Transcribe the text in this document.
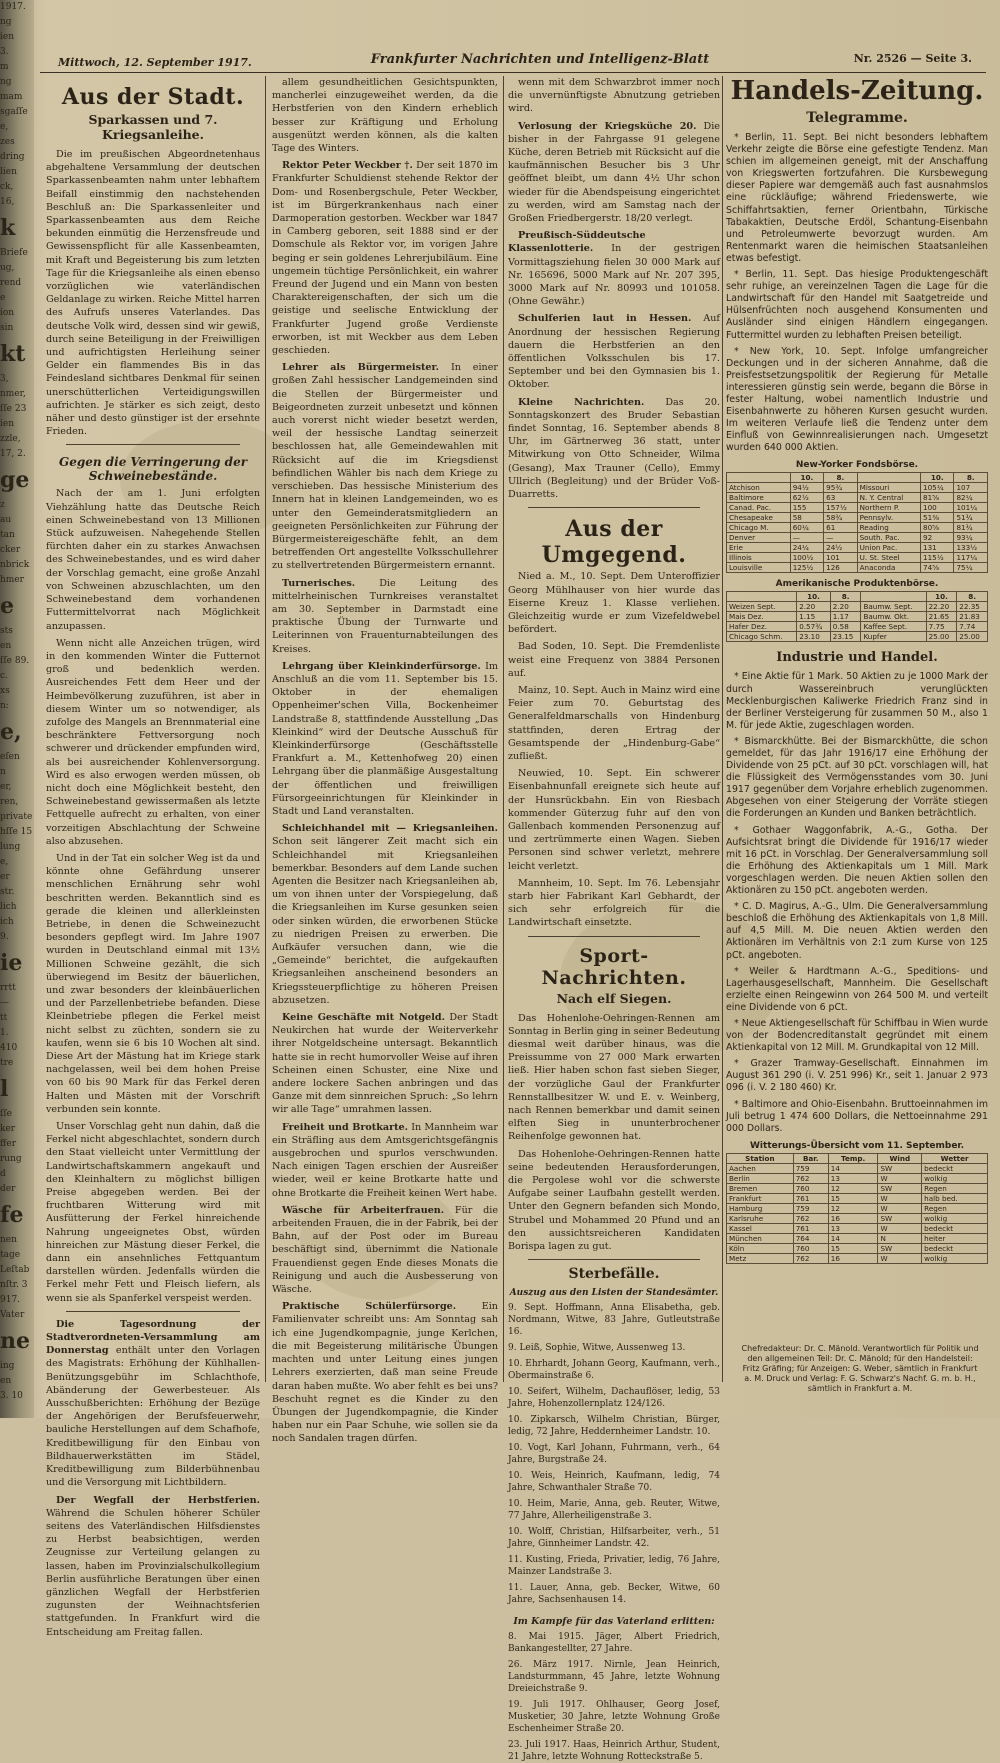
1917.
ng
ien
3.
m
ng
mam
sgaſſe
e,
zes
dring
lien
ck,
16,
k
Briefe
ug,
rend
e
ion
sin
kt
3,
nmer,
ſſe 23
ien
zzle,
17, 2.
ge
z
au
tan
cker
nbrick
hmer
e
sts
en
ſſe 89.
c.
xs
n:
e,
eſen
n
er,
ren,
private
hſſe 15
lung
e,
er
str.
lich
ich
9.
ie
rrtt
—
tt
1.
410
tre
l
ſſe
ker
ffer
rung
d
der
fe
nen
tage
Leſtab
nſtr. 3
917.
Vater
ne
ing
en
3. 10
Mittwoch, 12. September 1917.	Frankfurter Nachrichten und Intelligenz-Blatt	Nr. 2526 — Seite 3.
Aus der Stadt.
Sparkassen und 7. Kriegsanleihe.

Die im preußischen Abgeordnetenhaus abgehaltene Versammlung der deutschen Sparkassenbeamten nahm unter lebhaftem Beifall einstimmig den nachstehenden Beschluß an: Die Sparkassenleiter und Sparkassenbeamten aus dem Reiche bekunden einmütig die Herzensfreude und Gewissenspflicht für alle Kassenbeamten, mit Kraft und Begeisterung bis zum letzten Tage für die Kriegsanleihe als einen ebenso vorzüglichen wie vaterländischen Geldanlage zu wirken. Reiche Mittel harren des Aufrufs unseres Vaterlandes. Das deutsche Volk wird, dessen sind wir gewiß, durch seine Beteiligung in der Freiwilligen und aufrichtigsten Herleihung seiner Gelder ein flammendes Bis in das Feindesland sichtbares Denkmal für seinen unerschütterlichen Verteidigungswillen aufrichten. Je stärker es sich zeigt, desto näher und desto günstiger ist der ersehnte Frieden.

Gegen die Verringerung der Schweinebestände.

Nach der am 1. Juni erfolgten Viehzählung hatte das Deutsche Reich einen Schweinebestand von 13 Millionen Stück aufzuweisen. Nahegehende Stellen fürchten daher ein zu starkes Anwachsen des Schweinebestandes, und es wird daher der Vorschlag gemacht, eine große Anzahl von Schweinen abzuschlachten, um den Schweinebestand dem vorhandenen Futtermittelvorrat nach Möglichkeit anzupassen.

Wenn nicht alle Anzeichen trügen, wird in den kommenden Winter die Futternot groß und bedenklich werden. Ausreichendes Fett dem Heer und der Heimbevölkerung zuzuführen, ist aber in diesem Winter um so notwendiger, als zufolge des Mangels an Brennmaterial eine beschränktere Fettversorgung noch schwerer und drückender empfunden wird, als bei ausreichender Kohlenversorgung. Wird es also erwogen werden müssen, ob nicht doch eine Möglichkeit besteht, den Schweinebestand gewissermaßen als letzte Fettquelle aufrecht zu erhalten, von einer vorzeitigen Abschlachtung der Schweine also abzusehen.

Und in der Tat ein solcher Weg ist da und könnte ohne Gefährdung unserer menschlichen Ernährung sehr wohl beschritten werden. Bekanntlich sind es gerade die kleinen und allerkleinsten Betriebe, in denen die Schweinezucht besonders gepflegt wird. Im Jahre 1907 wurden in Deutschland einmal mit 13½ Millionen Schweine gezählt, die sich überwiegend im Besitz der bäuerlichen, und zwar besonders der kleinbäuerlichen und der Parzellenbetriebe befanden. Diese Kleinbetriebe pflegen die Ferkel meist nicht selbst zu züchten, sondern sie zu kaufen, wenn sie 6 bis 10 Wochen alt sind. Diese Art der Mästung hat im Kriege stark nachgelassen, weil bei dem hohen Preise von 60 bis 90 Mark für das Ferkel deren Halten und Mästen mit der Vorschrift verbunden sein konnte.

Unser Vorschlag geht nun dahin, daß die Ferkel nicht abgeschlachtet, sondern durch den Staat vielleicht unter Vermittlung der Landwirtschaftskammern angekauft und den Kleinhaltern zu möglichst billigen Preise abgegeben werden. Bei der fruchtbaren Witterung wird mit Ausfütterung der Ferkel hinreichende Nahrung ungeeignetes Obst, würden hinreichen zur Mästung dieser Ferkel, die dann ein ansehnliches Fettquantum darstellen würden. Jedenfalls würden die Ferkel mehr Fett und Fleisch liefern, als wenn sie als Spanferkel verspeist werden.

Die Tagesordnung der Stadtverordneten-Versammlung am Donnerstag enthält unter den Vorlagen des Magistrats: Erhöhung der Kühlhallen-Benützungsgebühr im Schlachthofe, Abänderung der Gewerbesteuer. Als Ausschußberichten: Erhöhung der Bezüge der Angehörigen der Berufsfeuerwehr, bauliche Herstellungen auf dem Schafhofe, Kreditbewilligung für den Einbau von Bildhauerwerkstätten im Städel, Kreditbewilligung zum Bilderbühnenbau und die Versorgung mit Lichtbildern.

Der Wegfall der Herbstferien. Während die Schulen höherer Schüler seitens des Vaterländischen Hilfsdienstes zu Herbst beabsichtigen, werden Zeugnisse zur Verteilung gelangen zu lassen, haben im Provinzialschulkollegium Berlin ausführliche Beratungen über einen gänzlichen Wegfall der Herbstferien zugunsten der Weihnachtsferien stattgefunden. In Frankfurt wird die Entscheidung am Freitag fallen.

allem gesundheitlichen Gesichtspunkten, mancherlei einzugeweihet werden, da die Herbstferien von den Kindern erheblich besser zur Kräftigung und Erholung ausgenützt werden können, als die kalten Tage des Winters.

Rektor Peter Weckber †. Der seit 1870 im Frankfurter Schuldienst stehende Rektor der Dom- und Rosenbergschule, Peter Weckber, ist im Bürgerkrankenhaus nach einer Darmoperation gestorben. Weckber war 1847 in Camberg geboren, seit 1888 sind er der Domschule als Rektor vor, im vorigen Jahre beging er sein goldenes Lehrerjubiläum. Eine ungemein tüchtige Persönlichkeit, ein wahrer Freund der Jugend und ein Mann von besten Charaktereigenschaften, der sich um die geistige und seelische Entwicklung der Frankfurter Jugend große Verdienste erworben, ist mit Weckber aus dem Leben geschieden.

Lehrer als Bürgermeister. In einer großen Zahl hessischer Landgemeinden sind die Stellen der Bürgermeister und Beigeordneten zurzeit unbesetzt und können auch vorerst nicht wieder besetzt werden, weil der hessische Landtag seinerzeit beschlossen hat, alle Gemeindewahlen mit Rücksicht auf die im Kriegsdienst befindlichen Wähler bis nach dem Kriege zu verschieben. Das hessische Ministerium des Innern hat in kleinen Landgemeinden, wo es unter den Gemeinderatsmitgliedern an geeigneten Persönlichkeiten zur Führung der Bürgermeistereigeschäfte fehlt, an dem betreffenden Ort angestellte Volksschullehrer zu stellvertretenden Bürgermeistern ernannt.

Turnerisches.	Die Leitung des mittelrheinischen Turnkreises veranstaltet am 30. September in Darmstadt eine praktische Übung der Turnwarte und Leiterinnen von Frauenturnabteilungen des Kreises.

Lehrgang über Kleinkinderfürsorge. Im Anschluß an die vom 11. September bis 15. Oktober in der ehemaligen Oppenheimer'schen Villa, Bockenheimer Landstraße 8, stattfindende Ausstellung „Das Kleinkind“ wird der Deutsche Ausschuß für Kleinkinderfürsorge (Geschäftsstelle Frankfurt a. M., Kettenhofweg 20) einen Lehrgang über die planmäßige Ausgestaltung der öffentlichen und freiwilligen Fürsorgeeinrichtungen für Kleinkinder in Stadt und Land veranstalten.

Schleichhandel mit — Kriegsanleihen. Schon seit längerer Zeit macht sich ein Schleichhandel mit Kriegsanleihen bemerkbar. Besonders auf dem Lande suchen Agenten die Besitzer nach Kriegsanleihen ab, um von ihnen unter der Vorspiegelung, daß die Kriegsanleihen im Kurse gesunken seien oder sinken würden, die erworbenen Stücke zu niedrigen Preisen zu erwerben. Die Aufkäufer versuchen dann, wie die „Gemeinde“ berichtet, die aufgekauften Kriegsanleihen anscheinend besonders an Kriegssteuerpflichtige zu höheren Preisen abzusetzen.

Keine Geschäfte mit Notgeld. Der Stadt Neukirchen hat wurde der Weiterverkehr ihrer Notgeldscheine untersagt. Bekanntlich hatte sie in recht humorvoller Weise auf ihren Scheinen einen Schuster, eine Nixe und andere lockere Sachen anbringen und das Ganze mit dem sinnreichen Spruch: „So lehrn wir alle Tage“ umrahmen lassen.

Freiheit und Brotkarte. In Mannheim war ein Sträfling aus dem Amtsgerichtsgefängnis ausgebrochen und spurlos verschwunden. Nach einigen Tagen erschien der Ausreißer wieder, weil er keine Brotkarte hatte und ohne Brotkarte die Freiheit keinen Wert habe.

Wäsche für Arbeiterfrauen. Für die arbeitenden Frauen, die in der Fabrik, bei der Bahn, auf der Post oder im Bureau beschäftigt sind, übernimmt die Nationale Frauendienst gegen Ende dieses Monats die Reinigung und auch die Ausbesserung von Wäsche.

Praktische Schülerfürsorge.	Ein Familienvater schreibt uns: Am Sonntag sah ich eine Jugendkompagnie, junge Kerlchen, die mit Begeisterung militärische Übungen machten und unter Leitung eines jungen Lehrers exerzierten, daß man seine Freude daran haben mußte. Wo aber fehlt es bei uns? Beschuht regnet es die Kinder zu den Übungen der Jugendkompagnie, die Kinder haben nur ein Paar Schuhe, wie sollen sie da noch Sandalen tragen dürfen.

wenn mit dem Schwarzbrot immer noch die unvernünftigste Abnutzung getrieben wird.

Verlosung der Kriegsküche 20. Die bisher in der Fahrgasse 91 gelegene Küche, deren Betrieb mit Rücksicht auf die kaufmännischen Besucher bis 3 Uhr geöffnet bleibt, um dann 4½ Uhr schon wieder für die Abendspeisung eingerichtet zu werden, wird am Samstag nach der Großen Friedbergerstr. 18/20 verlegt.

Preußisch-Süddeutsche Klassenlotterie. In der gestrigen Vormittagsziehung fielen 30 000 Mark auf Nr. 165696, 5000 Mark auf Nr. 207 395, 3000 Mark auf Nr. 80993 und 101058. (Ohne Gewähr.)

Schulferien laut in Hessen. Auf Anordnung der hessischen Regierung dauern die Herbstferien an den öffentlichen Volksschulen bis 17. September und bei den Gymnasien bis 1. Oktober.

Kleine Nachrichten. Das 20. Sonntagskonzert des Bruder Sebastian findet Sonntag, 16. September abends 8 Uhr, im Gärtnerweg 36 statt, unter Mitwirkung von Otto Schneider, Wilma (Gesang), Max Trauner (Cello), Emmy Ullrich (Begleitung) und der Brüder Voß-Duarretts.

Aus der Umgegend.

Nied a. M., 10. Sept. Dem Unteroffizier Georg Mühlhauser von hier wurde das Eiserne Kreuz 1. Klasse verliehen. Gleichzeitig wurde er zum Vizefeldwebel befördert.

Bad Soden, 10. Sept. Die Fremdenliste weist eine Frequenz von 3884 Personen auf.

Mainz, 10. Sept. Auch in Mainz wird eine Feier zum 70. Geburtstag des Generalfeldmarschalls von Hindenburg stattfinden, deren Ertrag der Gesamtspende der „Hindenburg-Gabe“ zufließt.

Neuwied, 10. Sept. Ein schwerer Eisenbahnunfall ereignete sich heute auf der Hunsrückbahn. Ein von Riesbach kommender Güterzug fuhr auf den von Gallenbach kommenden Personenzug auf und zertrümmerte einen Wagen. Sieben Personen sind schwer verletzt, mehrere leicht verletzt.

Mannheim, 10. Sept. Im 76. Lebensjahr starb hier Fabrikant Karl Gebhardt, der sich sehr erfolgreich für die Landwirtschaft einsetzte.

Sport-Nachrichten.
Nach elf Siegen.

Das Hohenlohe-Oehringen-Rennen am Sonntag in Berlin ging in seiner Bedeutung diesmal weit darüber hinaus, was die Preissumme von 27 000 Mark erwarten ließ. Hier haben schon fast sieben Sieger, der vorzügliche Gaul der Frankfurter Rennstallbesitzer W. und E. v. Weinberg, nach Rennen bemerkbar und damit seinen elften Sieg in ununterbrochener Reihenfolge gewonnen hat.

Das Hohenlohe-Oehringen-Rennen hatte seine bedeutenden Herausforderungen, die Pergolese wohl vor die schwerste Aufgabe seiner Laufbahn gestellt werden. Unter den Gegnern befanden sich Mondo, Strubel und Mohammed 20 Pfund und an den aussichtsreicheren Kandidaten Borispa lagen zu gut.

Sterbefälle.
Auszug aus den Listen der Standesämter.

9. Sept. Hoffmann, Anna Elisabetha, geb. Nordmann, Witwe, 83 Jahre, Gutleutstraße 16.

9. Leiß, Sophie, Witwe, Aussenweg 13.

10. Ehrhardt, Johann Georg, Kaufmann, verh., Obermainstraße 6.

10. Seifert, Wilhelm, Dachauflöser, ledig, 53 Jahre, Hohenzollernplatz 124/126.

10. Zipkarsch, Wilhelm Christian, Bürger, ledig, 72 Jahre, Heddernheimer Landstr. 10.

10. Vogt, Karl Johann, Fuhrmann, verh., 64 Jahre, Burgstraße 24.

10. Weis, Heinrich, Kaufmann, ledig, 74 Jahre, Schwanthaler Straße 70.

10. Heim, Marie, Anna, geb. Reuter, Witwe, 77 Jahre, Allerheiligenstraße 3.

10. Wolff, Christian, Hilfsarbeiter, verh., 51 Jahre, Ginnheimer Landstr. 42.

11. Kusting, Frieda, Privatier, ledig, 76 Jahre, Mainzer Landstraße 3.

11. Lauer, Anna, geb. Becker, Witwe, 60 Jahre, Sachsenhausen 14.

Im Kampfe für das Vaterland erlitten:

8. Mai 1915. Jäger, Albert Friedrich, Bankangestellter, 27 Jahre.

26. März 1917. Nirnle, Jean Heinrich, Landsturmmann, 45 Jahre, letzte Wohnung Dreieichstraße 9.

19. Juli 1917. Ohlhauser, Georg Josef, Musketier, 30 Jahre, letzte Wohnung Große Eschenheimer Straße 20.

23. Juli 1917. Haas, Heinrich Arthur, Student, 21 Jahre, letzte Wohnung Rotteckstraße 5.

Handels-Zeitung.
Telegramme.

* Berlin, 11. Sept. Bei nicht besonders lebhaftem Verkehr zeigte die Börse eine gefestigte Tendenz. Man schien im allgemeinen geneigt, mit der Anschaffung von Kriegswerten fortzufahren. Die Kursbewegung dieser Papiere war demgemäß auch fast ausnahmslos eine rückläufige; während Friedenswerte, wie Schiffahrtsaktien, ferner Orientbahn, Türkische Tabakaktien, Deutsche Erdöl, Schantung-Eisenbahn und Petroleumwerte bevorzugt wurden. Am Rentenmarkt waren die heimischen Staatsanleihen etwas befestigt.

* Berlin, 11. Sept. Das hiesige Produktengeschäft sehr ruhige, an vereinzelnen Tagen die Lage für die Landwirtschaft für den Handel mit Saatgetreide und Hülsenfrüchten noch ausgehend Konsumenten und Ausländer sind einigen Händlern eingegangen. Futtermittel wurden zu lebhaften Preisen beteiligt.

* New York, 10. Sept. Infolge umfangreicher Deckungen und in der sicheren Annahme, daß die Preisfestsetzungspolitik der Regierung für Metalle interessieren günstig sein werde, begann die Börse in fester Haltung, wobei namentlich Industrie und Eisenbahnwerte zu höheren Kursen gesucht wurden. Im weiteren Verlaufe ließ die Tendenz unter dem Einfluß von Gewinnrealisierungen nach. Umgesetzt wurden 640 000 Aktien.

New-Yorker Fondsbörse.
	10.	8.		10.	8.
Atchison	94½	95¾	Missouri	105¼	107
Baltimore	62½	63	N. Y. Central	81⅝	82¼
Canad. Pac.	155	157½	Northern P.	100	101¼
Chesapeake	58	58¾	Pennsylv.	51⅜	51¾
Chicago M.	60¼	61	Reading	80⅝	81¾
Denver	—	—	South. Pac.	92	93¼
Erie	24¼	24½	Union Pac.	131	133½
Illinois	100½	101	U. St. Steel	115½	117¼
Louisville	125½	126	Anaconda	74⅝	75¼
Amerikanische Produktenbörse.
	10.	8.		10.	8.
Weizen Sept.	2.20	2.20	Baumw. Sept.	22.20	22.35
Mais Dez.	1.15	1.17	Baumw. Okt.	21.65	21.83
Hafer Dez.	0.57¾	0.58	Kaffee Sept.	7.75	7.74
Chicago Schm.	23.10	23.15	Kupfer	25.00	25.00
Industrie und Handel.

* Eine Aktie für 1 Mark. 50 Aktien zu je 1000 Mark der durch Wassereinbruch verunglückten Mecklenburgischen Kaliwerke Friedrich Franz sind in der Berliner Versteigerung für zusammen 50 M., also 1 M. für jede Aktie, zugeschlagen worden.

* Bismarckhütte. Bei der Bismarckhütte, die schon gemeldet, für das Jahr 1916/17 eine Erhöhung der Dividende von 25 pCt. auf 30 pCt. vorschlagen will, hat die Flüssigkeit des Vermögensstandes vom 30. Juni 1917 gegenüber dem Vorjahre erheblich zugenommen. Abgesehen von einer Steigerung der Vorräte stiegen die Forderungen an Kunden und Banken beträchtlich.

* Gothaer Waggonfabrik, A.-G., Gotha. Der Aufsichtsrat bringt die Dividende für 1916/17 wieder mit 16 pCt. in Vorschlag. Der Generalversammlung soll die Erhöhung des Aktienkapitals um 1 Mill. Mark vorgeschlagen werden. Die neuen Aktien sollen den Aktionären zu 150 pCt. angeboten werden.

* C. D. Magirus, A.-G., Ulm. Die Generalversammlung beschloß die Erhöhung des Aktienkapitals von 1,8 Mill. auf 4,5 Mill. M. Die neuen Aktien werden den Aktionären im Verhältnis von 2:1 zum Kurse von 125 pCt. angeboten.

* Weiler & Hardtmann A.-G., Speditions- und Lagerhausgesellschaft, Mannheim. Die Gesellschaft erzielte einen Reingewinn von 264 500 M. und verteilt eine Dividende von 6 pCt.

* Neue Aktiengesellschaft für Schiffbau in Wien wurde von der Bodencreditanstalt gegründet mit einem Aktienkapital von 12 Mill. M. Grundkapital von 12 Mill.

* Grazer Tramway-Gesellschaft. Einnahmen im August 361 290 (i. V. 251 996) Kr., seit 1. Januar 2 973 096 (i. V. 2 180 460) Kr.

* Baltimore and Ohio-Eisenbahn. Bruttoeinnahmen im Juli betrug 1 474 600 Dollars, die Nettoeinnahme 291 000 Dollars.

Witterungs-Übersicht vom 11. September.
Station	Bar.	Temp.	Wind	Wetter
Aachen	759	14	SW	bedeckt
Berlin	762	13	W	wolkig
Bremen	760	12	SW	Regen
Frankfurt	761	15	W	halb bed.
Hamburg	759	12	W	Regen
Karlsruhe	762	16	SW	wolkig
Kassel	761	13	W	bedeckt
München	764	14	N	heiter
Köln	760	15	SW	bedeckt
Metz	762	16	W	wolkig
Chefredakteur: Dr. C. Mänold. Verantwortlich für Politik und den allgemeinen Teil: Dr. C. Mänold; für den Handelsteil: Fritz Gräfing; für Anzeigen: G. Weber, sämtlich in Frankfurt a. M. Druck und Verlag: F. G. Schwarz's Nachf. G. m. b. H., sämtlich in Frankfurt a. M.
